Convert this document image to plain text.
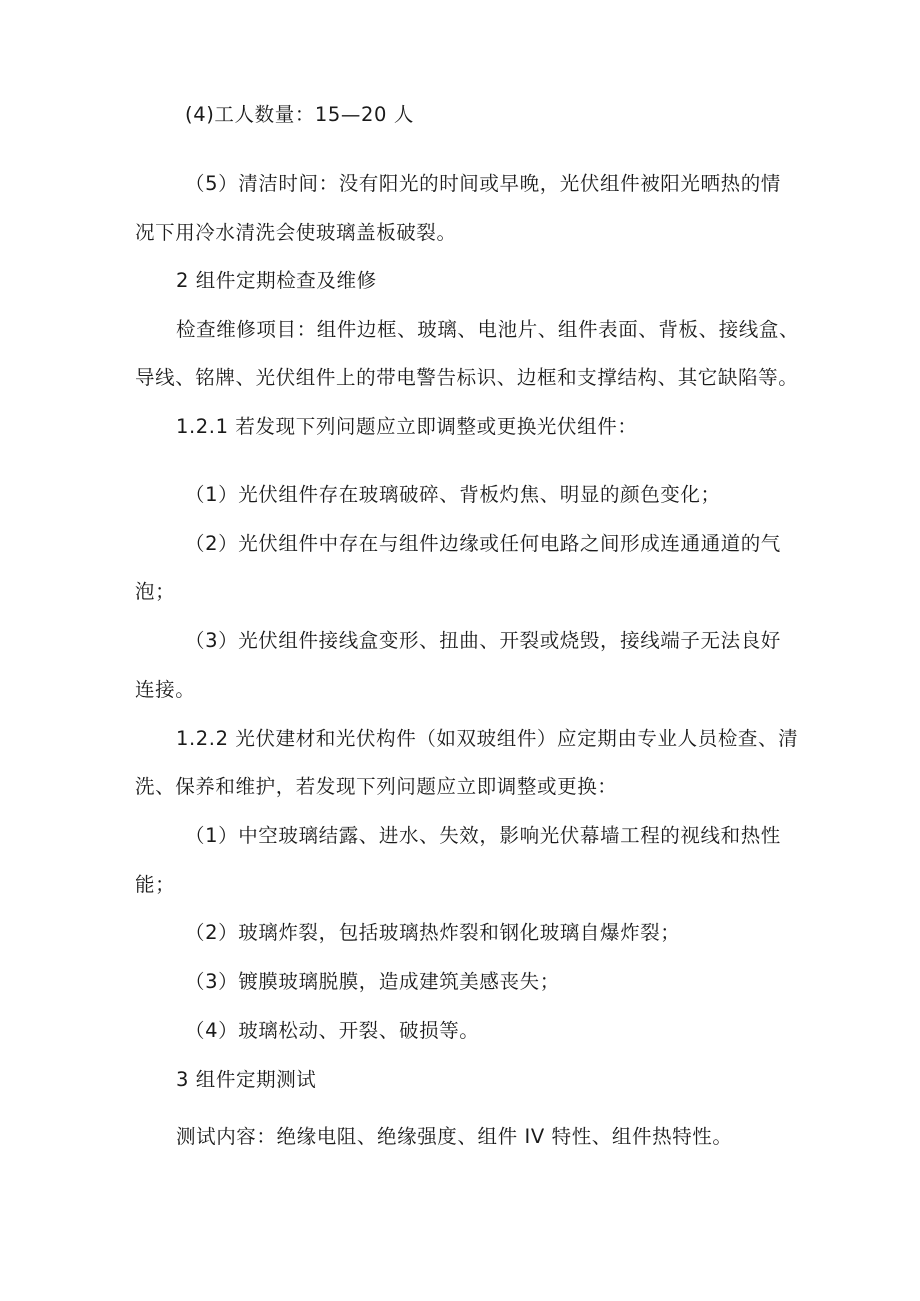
(4)工人数量：15—20 人
（5）清洁时间：没有阳光的时间或早晚，光伏组件被阳光晒热的情
况下用冷水清洗会使玻璃盖板破裂。
2 组件定期检查及维修
检查维修项目：组件边框、玻璃、电池片、组件表面、背板、接线盒、
导线、铭牌、光伏组件上的带电警告标识、边框和支撑结构、其它缺陷等。
1.2.1 若发现下列问题应立即调整或更换光伏组件：
（1）光伏组件存在玻璃破碎、背板灼焦、明显的颜色变化；
（2）光伏组件中存在与组件边缘或任何电路之间形成连通通道的气
泡；
（3）光伏组件接线盒变形、扭曲、开裂或烧毁，接线端子无法良好
连接。
1.2.2 光伏建材和光伏构件（如双玻组件）应定期由专业人员检查、清
洗、保养和维护，若发现下列问题应立即调整或更换：
（1）中空玻璃结露、进水、失效，影响光伏幕墙工程的视线和热性
能；
（2）玻璃炸裂，包括玻璃热炸裂和钢化玻璃自爆炸裂；
（3）镀膜玻璃脱膜，造成建筑美感丧失；
（4）玻璃松动、开裂、破损等。
3 组件定期测试
测试内容：绝缘电阻、绝缘强度、组件 IV 特性、组件热特性。
